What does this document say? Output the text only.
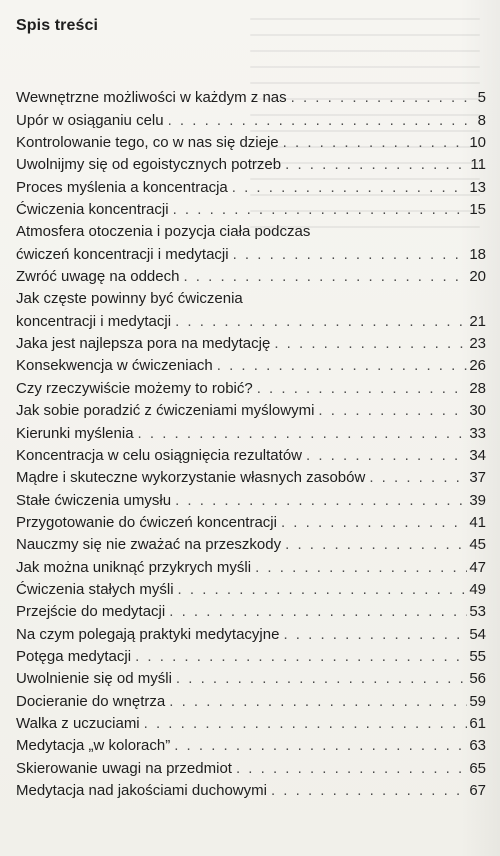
Spis treści
Wewnętrzne możliwości w każdym z nas . . .	5
Upór w osiąganiu celu . . .	8
Kontrolowanie tego, co w nas się dzieje . . .	10
Uwolnijmy się od egoistycznych potrzeb . . .	11
Proces myślenia a koncentracja . . .	13
Ćwiczenia koncentracji . . .	15
Atmosfera otoczenia i pozycja ciała podczas
ćwiczeń koncentracji i medytacji . . .	18
Zwróć uwagę na oddech . . .	20
Jak częste powinny być ćwiczenia
koncentracji i medytacji . . .	21
Jaka jest najlepsza pora na medytację . . .	23
Konsekwencja w ćwiczeniach . . .	26
Czy rzeczywiście możemy to robić? . . .	28
Jak sobie poradzić z ćwiczeniami myślowymi . . .	30
Kierunki myślenia . . .	33
Koncentracja w celu osiągnięcia rezultatów . . .	34
Mądre i skuteczne wykorzystanie własnych zasobów . . .	37
Stałe ćwiczenia umysłu . . .	39
Przygotowanie do ćwiczeń koncentracji . . .	41
Nauczmy się nie zważać na przeszkody . . .	45
Jak można uniknąć przykrych myśli . . .	47
Ćwiczenia stałych myśli . . .	49
Przejście do medytacji . . .	53
Na czym polegają praktyki medytacyjne . . .	54
Potęga medytacji . . .	55
Uwolnienie się od myśli . . .	56
Docieranie do wnętrza . . .	59
Walka z uczuciami . . .	61
Medytacja „w kolorach” . . .	63
Skierowanie uwagi na przedmiot . . .	65
Medytacja nad jakościami duchowymi . . .	67
